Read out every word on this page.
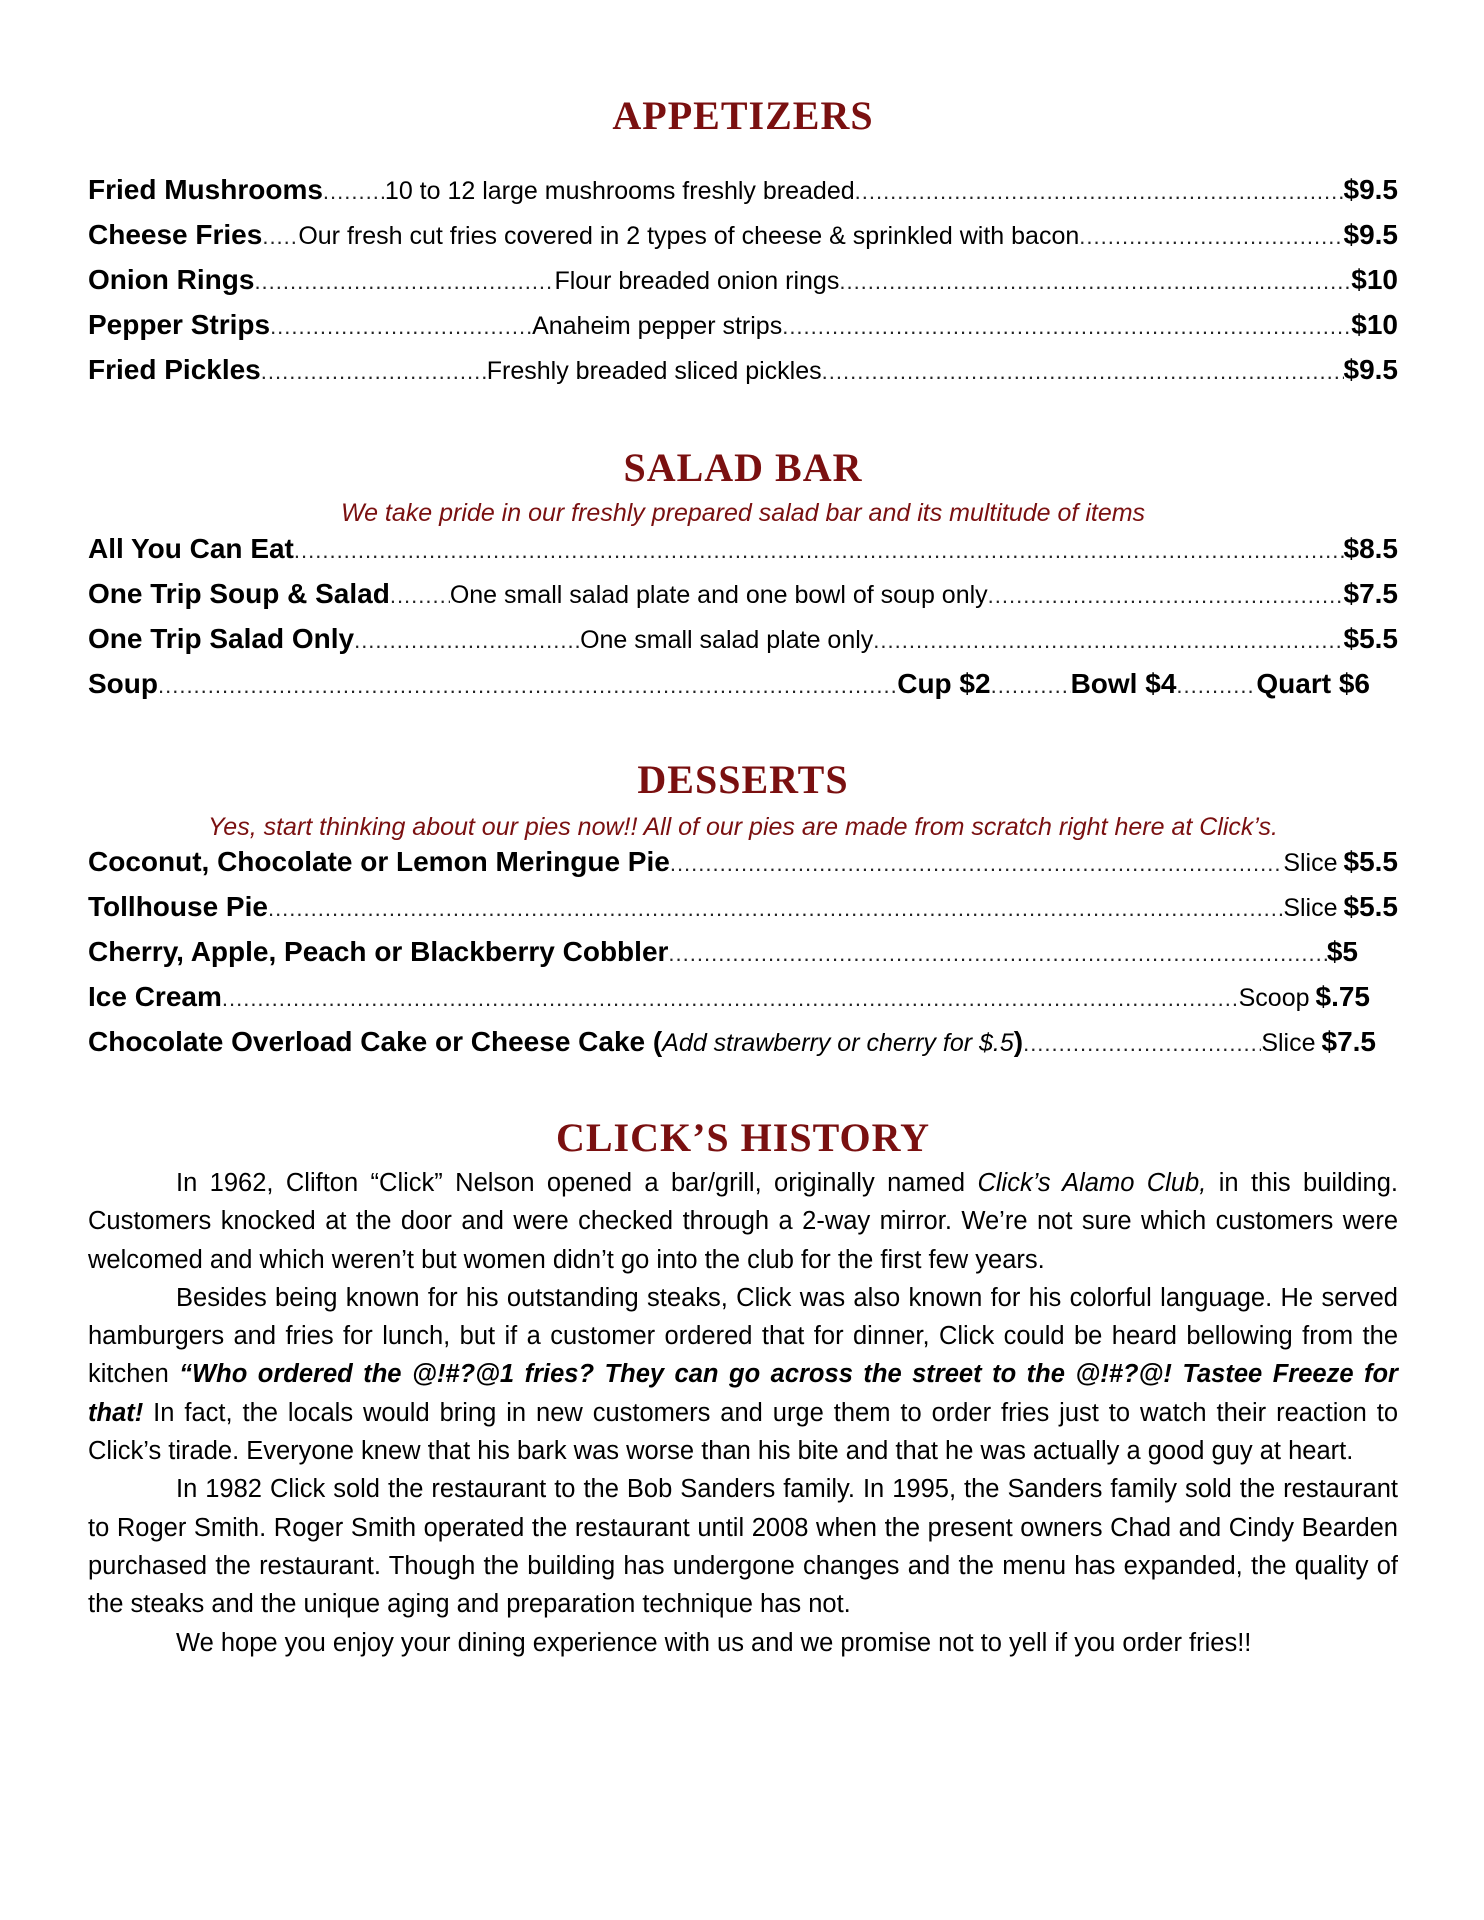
APPETIZERS
Fried Mushrooms ..... 10 to 12 large mushrooms freshly breaded .....	$9.5
Cheese Fries ..... Our fresh cut fries covered in 2 types of cheese & sprinkled with bacon .....	$9.5
Onion Rings .....	Flour breaded onion rings .....	$10
Pepper Strips .....	Anaheim pepper strips .....	$10
Fried Pickles .....	Freshly breaded sliced pickles .....	$9.5
SALAD BAR

We take pride in our freshly prepared salad bar and its multitude of items

All You Can Eat .....	$8.5
One Trip Soup & Salad ..... One small salad plate and one bowl of soup only .....	$7.5
One Trip Salad Only .....	One small salad plate only .....	$5.5
Soup .....	Cup $2 .....	Bowl $4 .....	Quart $6
DESSERTS

Yes, start thinking about our pies now!! All of our pies are made from scratch right here at Click’s.

Coconut, Chocolate or Lemon Meringue Pie .....	Slice $5.5
Tollhouse Pie .....	Slice $5.5
Cherry, Apple, Peach or Blackberry Cobbler .....	$5
Ice Cream .....	Scoop $.75
Chocolate Overload Cake or Cheese Cake ( Add strawberry or cherry for $.5 ) .....	Slice $7.5
CLICK’S HISTORY

In 1962, Clifton “Click” Nelson opened a bar/grill, originally named Click’s Alamo Club, in this building. Customers knocked at the door and were checked through a 2-way mirror. We’re not sure which customers were welcomed and which weren’t but women didn’t go into the club for the first few years.

Besides being known for his outstanding steaks, Click was also known for his colorful language. He served hamburgers and fries for lunch, but if a customer ordered that for dinner, Click could be heard bellowing from the kitchen “Who ordered the @!#?@1 fries? They can go across the street to the @!#?@! Tastee Freeze for that! In fact, the locals would bring in new customers and urge them to order fries just to watch their reaction to Click’s tirade. Everyone knew that his bark was worse than his bite and that he was actually a good guy at heart.

In 1982 Click sold the restaurant to the Bob Sanders family. In 1995, the Sanders family sold the restaurant to Roger Smith. Roger Smith operated the restaurant until 2008 when the present owners Chad and Cindy Bearden purchased the restaurant. Though the building has undergone changes and the menu has expanded, the quality of the steaks and the unique aging and preparation technique has not.

We hope you enjoy your dining experience with us and we promise not to yell if you order fries!!
